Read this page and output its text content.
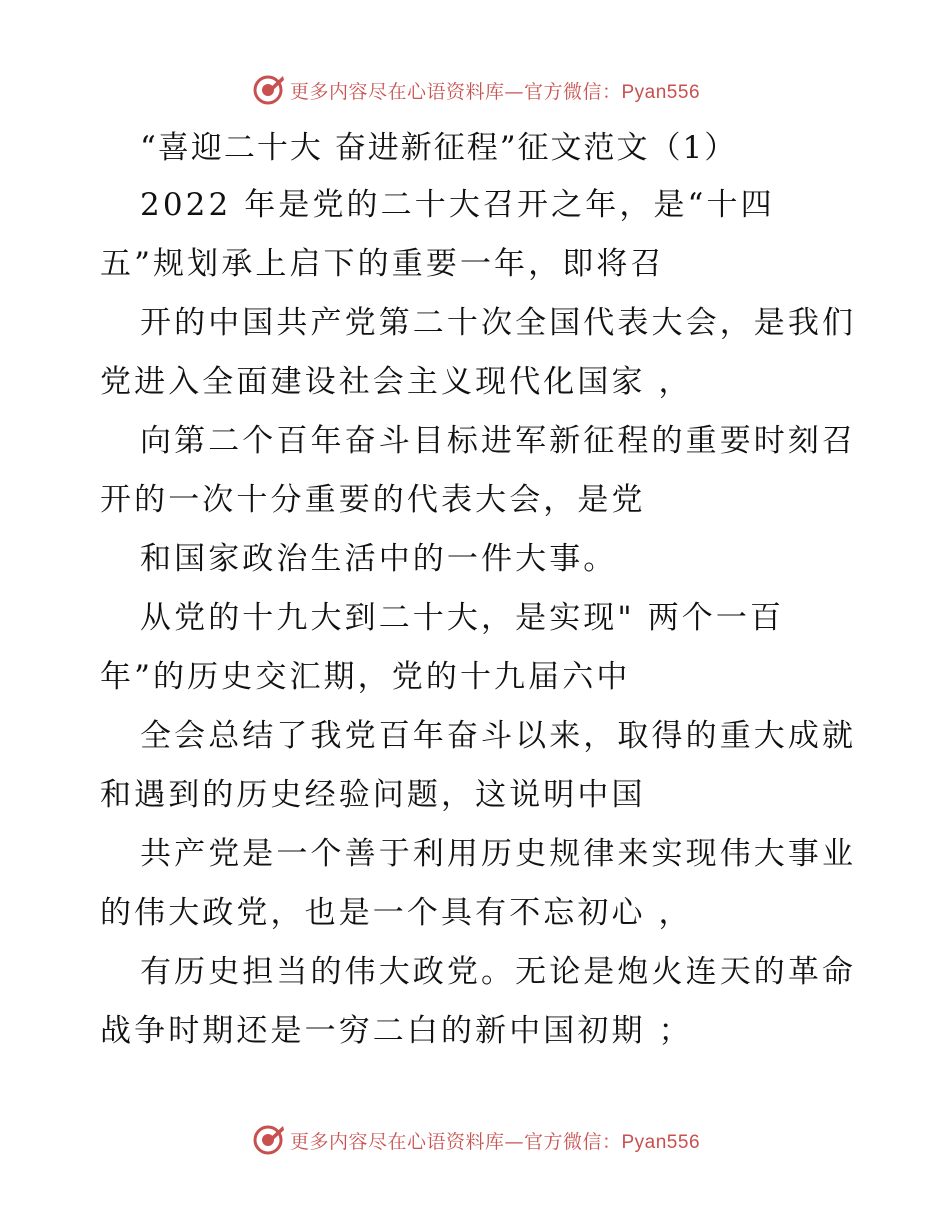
更多内容尽在心语资料库—官方微信：Pyan556
“喜迎二十大 奋进新征程”征文范文（1）
2022 年是党的二十大召开之年，是“十四
五”规划承上启下的重要一年，即将召
开的中国共产党第二十次全国代表大会，是我们
党进入全面建设社会主义现代化国家 ，
向第二个百年奋斗目标进军新征程的重要时刻召
开的一次十分重要的代表大会，是党
和国家政治生活中的一件大事。
从党的十九大到二十大，是实现" 两个一百
年”的历史交汇期，党的十九届六中
全会总结了我党百年奋斗以来，取得的重大成就
和遇到的历史经验问题，这说明中国
共产党是一个善于利用历史规律来实现伟大事业
的伟大政党，也是一个具有不忘初心 ，
有历史担当的伟大政党。无论是炮火连天的革命
战争时期还是一穷二白的新中国初期 ；
更多内容尽在心语资料库—官方微信：Pyan556
